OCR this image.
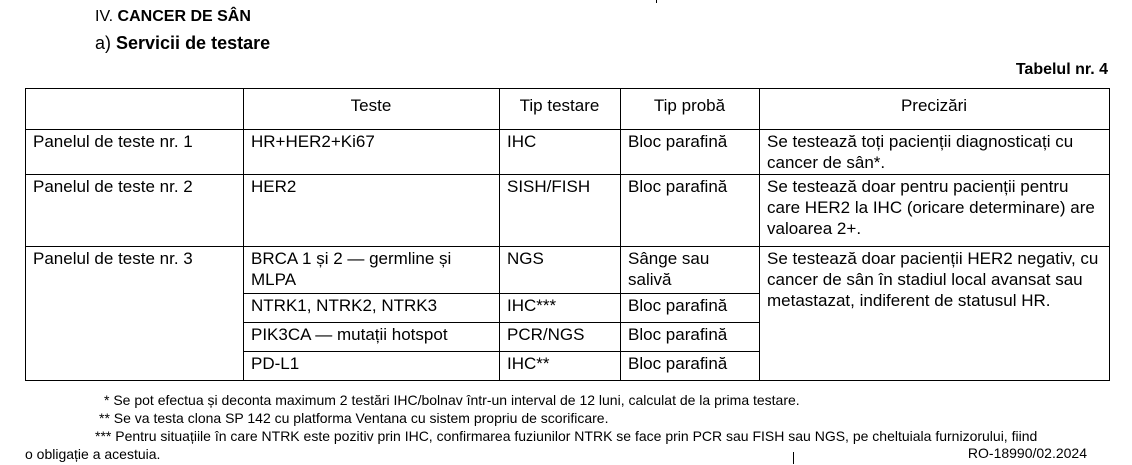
IV. CANCER DE SÂN
a) Servicii de testare
Tabelul nr. 4
	Teste	Tip testare	Tip probă	Precizări
Panelul de teste nr. 1	HR+HER2+Ki67	IHC	Bloc parafină	Se testează toți pacienții diagnosticați cu cancer de sân*.
Panelul de teste nr. 2	HER2	SISH/FISH	Bloc parafină	Se testează doar pentru pacienții pentru care HER2 la IHC (oricare determinare) are valoarea 2+.
Panelul de teste nr. 3	BRCA 1 și 2 — germline și MLPA	NGS	Sânge sau salivă	Se testează doar pacienții HER2 negativ, cu cancer de sân în stadiul local avansat sau metastazat, indiferent de statusul HR.
	NTRK1, NTRK2, NTRK3	IHC***	Bloc parafină	
	PIK3CA — mutații hotspot	PCR/NGS	Bloc parafină	
	PD-L1	IHC**	Bloc parafină	
* Se pot efectua și deconta maximum 2 testări IHC/bolnav într-un interval de 12 luni, calculat de la prima testare.
** Se va testa clona SP 142 cu platforma Ventana cu sistem propriu de scorificare.
*** Pentru situațiile în care NTRK este pozitiv prin IHC, confirmarea fuziunilor NTRK se face prin PCR sau FISH sau NGS, pe cheltuiala furnizorului, fiind
o obligație a acestuia.	RO-18990/02.2024
